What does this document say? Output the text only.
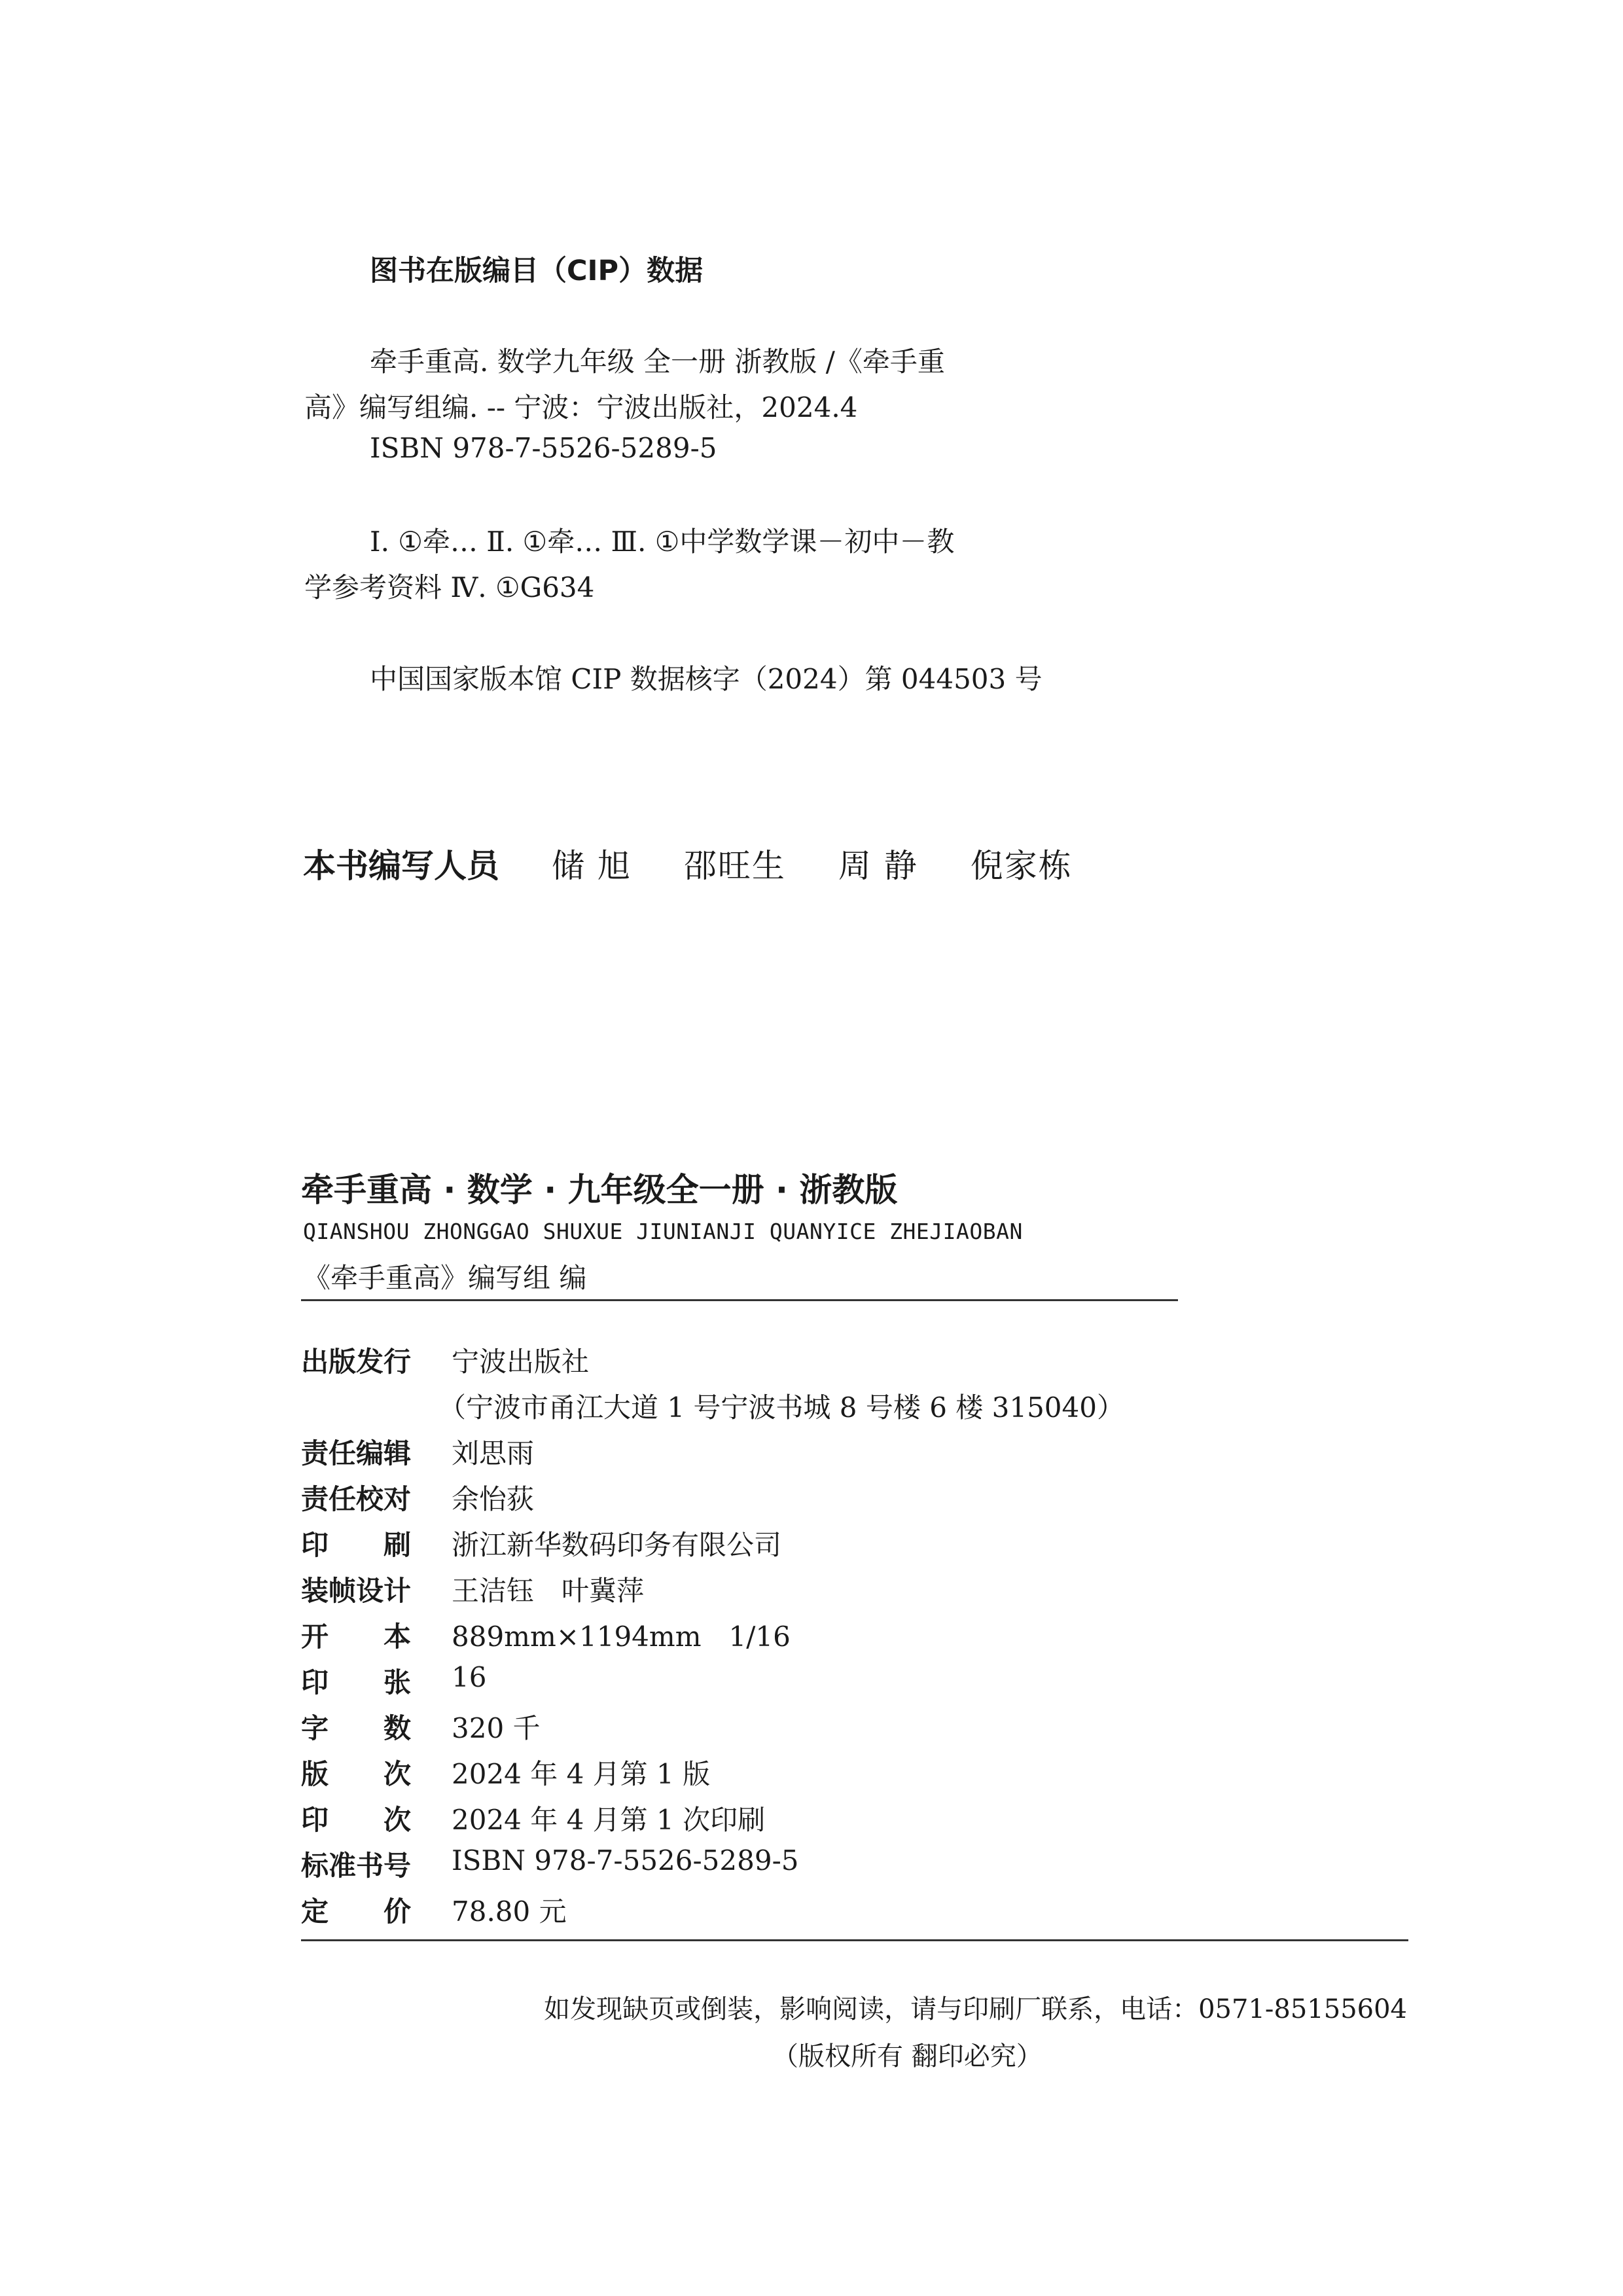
图书在版编目（CIP）数据
牵手重高. 数学九年级 全一册 浙教版 /《牵手重
高》编写组编. -- 宁波：宁波出版社，2024.4
ISBN 978-7-5526-5289-5
Ⅰ. ①牵… Ⅱ. ①牵… Ⅲ. ①中学数学课－初中－教
学参考资料 Ⅳ. ①G634
中国国家版本馆 CIP 数据核字（2024）第 044503 号
本书编写人员 储 旭 邵旺生 周 静 倪家栋
牵手重高 · 数学 · 九年级全一册 · 浙教版
QIANSHOU ZHONGGAO SHUXUE JIUNIANJI QUANYICE ZHEJIAOBAN
《牵手重高》编写组 编
出版发行	宁波出版社
（宁波市甬江大道 1 号宁波书城 8 号楼 6 楼 315040）
责任编辑	刘思雨
责任校对	余怡荻
印　　刷	浙江新华数码印务有限公司
装帧设计	王洁钰　叶冀萍
开　　本	889mm×1194mm　1/16
印　　张	16
字　　数	320 千
版　　次	2024 年 4 月第 1 版
印　　次	2024 年 4 月第 1 次印刷
标准书号	ISBN 978-7-5526-5289-5
定　　价	78.80 元
如发现缺页或倒装，影响阅读，请与印刷厂联系，电话：0571-85155604
（版权所有 翻印必究）
